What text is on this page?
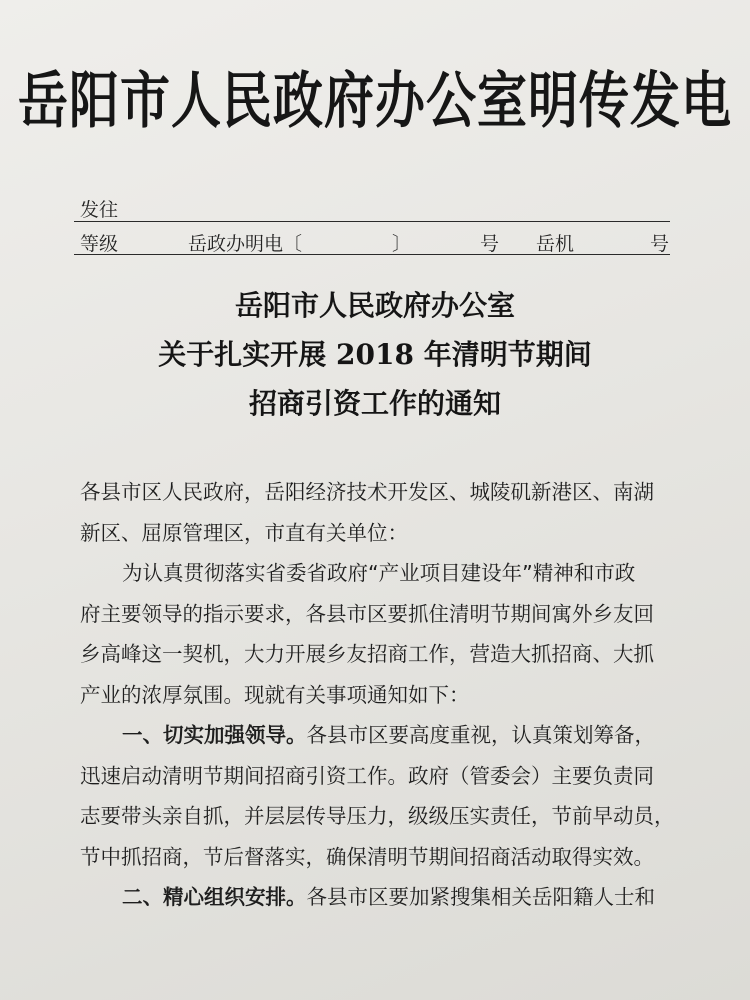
岳阳市人民政府办公室明传发电
发往
等级	岳政办明电〔	〕	号 岳机	号
岳阳市人民政府办公室
关于扎实开展 2018 年清明节期间
招商引资工作的通知

各县市区人民政府，岳阳经济技术开发区、城陵矶新港区、南湖
新区、屈原管理区，市直有关单位：

为认真贯彻落实省委省政府“产业项目建设年”精神和市政
府主要领导的指示要求，各县市区要抓住清明节期间寓外乡友回
乡高峰这一契机，大力开展乡友招商工作，营造大抓招商、大抓
产业的浓厚氛围。现就有关事项通知如下：

一、切实加强领导。各县市区要高度重视，认真策划筹备，
迅速启动清明节期间招商引资工作。政府（管委会）主要负责同
志要带头亲自抓，并层层传导压力，级级压实责任，节前早动员，
节中抓招商，节后督落实，确保清明节期间招商活动取得实效。

二、精心组织安排。各县市区要加紧搜集相关岳阳籍人士和
